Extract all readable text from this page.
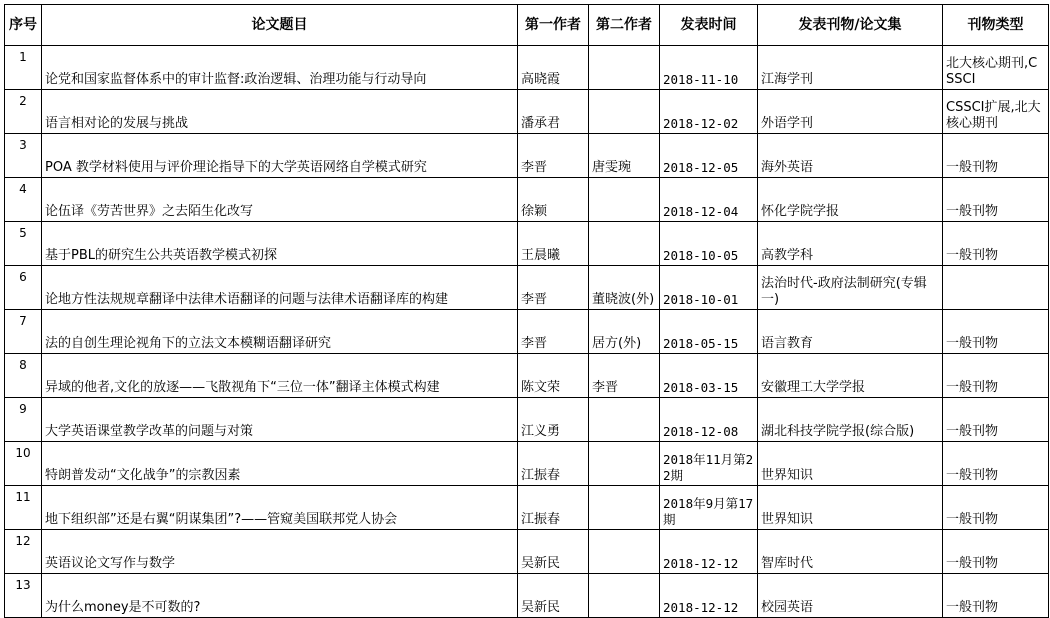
序号	论文题目	第一作者	第二作者	发表时间	发表刊物/论文集	刊物类型
1	论党和国家监督体系中的审计监督:政治逻辑、治理功能与行动导向	高晓霞		2018-11-10	江海学刊	北大核心期刊,CSSCI
2	语言相对论的发展与挑战	潘承君		2018-12-02	外语学刊	CSSCI扩展,北大核心期刊
3	POA 教学材料使用与评价理论指导下的大学英语网络自学模式研究	李晋	唐雯琬	2018-12-05	海外英语	一般刊物
4	论伍译《劳苦世界》之去陌生化改写	徐颖		2018-12-04	怀化学院学报	一般刊物
5	基于PBL的研究生公共英语教学模式初探	王晨曦		2018-10-05	高教学科	一般刊物
6	论地方性法规规章翻译中法律术语翻译的问题与法律术语翻译库的构建	李晋	董晓波(外)	2018-10-01	法治时代-政府法制研究(专辑一)	
7	法的自创生理论视角下的立法文本模糊语翻译研究	李晋	居方(外)	2018-05-15	语言教育	一般刊物
8	异域的他者,文化的放逐——飞散视角下“三位一体”翻译主体模式构建	陈文荣	李晋	2018-03-15	安徽理工大学学报	一般刊物
9	大学英语课堂教学改革的问题与对策	江义勇		2018-12-08	湖北科技学院学报(综合版)	一般刊物
10	特朗普发动“文化战争”的宗教因素	江振春		2018年11月第22期	世界知识	一般刊物
11	地下组织部”还是右翼“阴谋集团”?——管窥美国联邦党人协会	江振春		2018年9月第17期	世界知识	一般刊物
12	英语议论文写作与数学	吴新民		2018-12-12	智库时代	一般刊物
13	为什么money是不可数的?	吴新民		2018-12-12	校园英语	一般刊物
